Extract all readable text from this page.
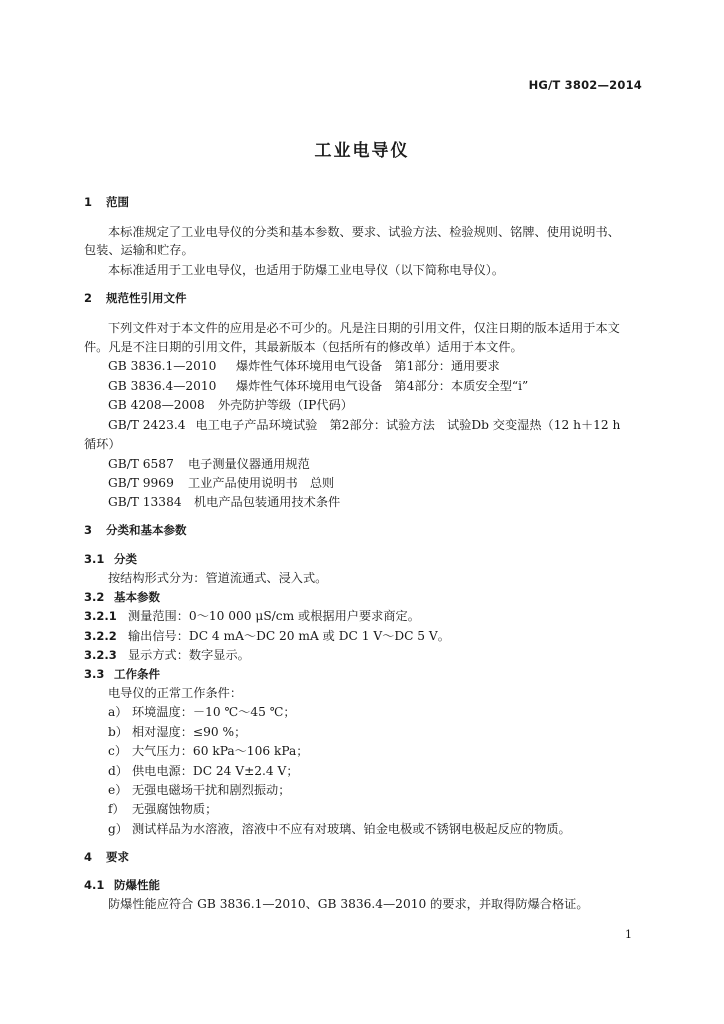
HG/T 3802—2014
工业电导仪
1 范围
本标准规定了工业电导仪的分类和基本参数、要求、试验方法、检验规则、铭牌、使用说明书、
包装、运输和贮存。
本标准适用于工业电导仪，也适用于防爆工业电导仪（以下简称电导仪）。
2 规范性引用文件
下列文件对于本文件的应用是必不可少的。凡是注日期的引用文件，仅注日期的版本适用于本文
件。凡是不注日期的引用文件，其最新版本（包括所有的修改单）适用于本文件。
GB 3836.1—2010 爆炸性气体环境用电气设备　第1部分：通用要求
GB 3836.4—2010 爆炸性气体环境用电气设备　第4部分：本质安全型“i”
GB 4208—2008 外壳防护等级（IP代码）
GB/T 2423.4 电工电子产品环境试验　第2部分：试验方法　试验Db 交变湿热（12 h＋12 h
循环）
GB/T 6587 电子测量仪器通用规范
GB/T 9969 工业产品使用说明书　总则
GB/T 13384 机电产品包装通用技术条件
3 分类和基本参数
3.1 分类
按结构形式分为：管道流通式、浸入式。
3.2 基本参数
3.2.1 测量范围：0～10 000 μS/cm 或根据用户要求商定。
3.2.2 输出信号：DC 4 mA～DC 20 mA 或 DC 1 V～DC 5 V。
3.2.3 显示方式：数字显示。
3.3 工作条件
电导仪的正常工作条件：
a） 环境温度：－10 ℃～45 ℃；
b） 相对湿度：≤90 %；
c） 大气压力：60 kPa～106 kPa；
d） 供电电源：DC 24 V±2.4 V；
e） 无强电磁场干扰和剧烈振动；
f） 无强腐蚀物质；
g） 测试样品为水溶液，溶液中不应有对玻璃、铂金电极或不锈钢电极起反应的物质。
4 要求
4.1 防爆性能
防爆性能应符合 GB 3836.1—2010、GB 3836.4—2010 的要求，并取得防爆合格证。
1
